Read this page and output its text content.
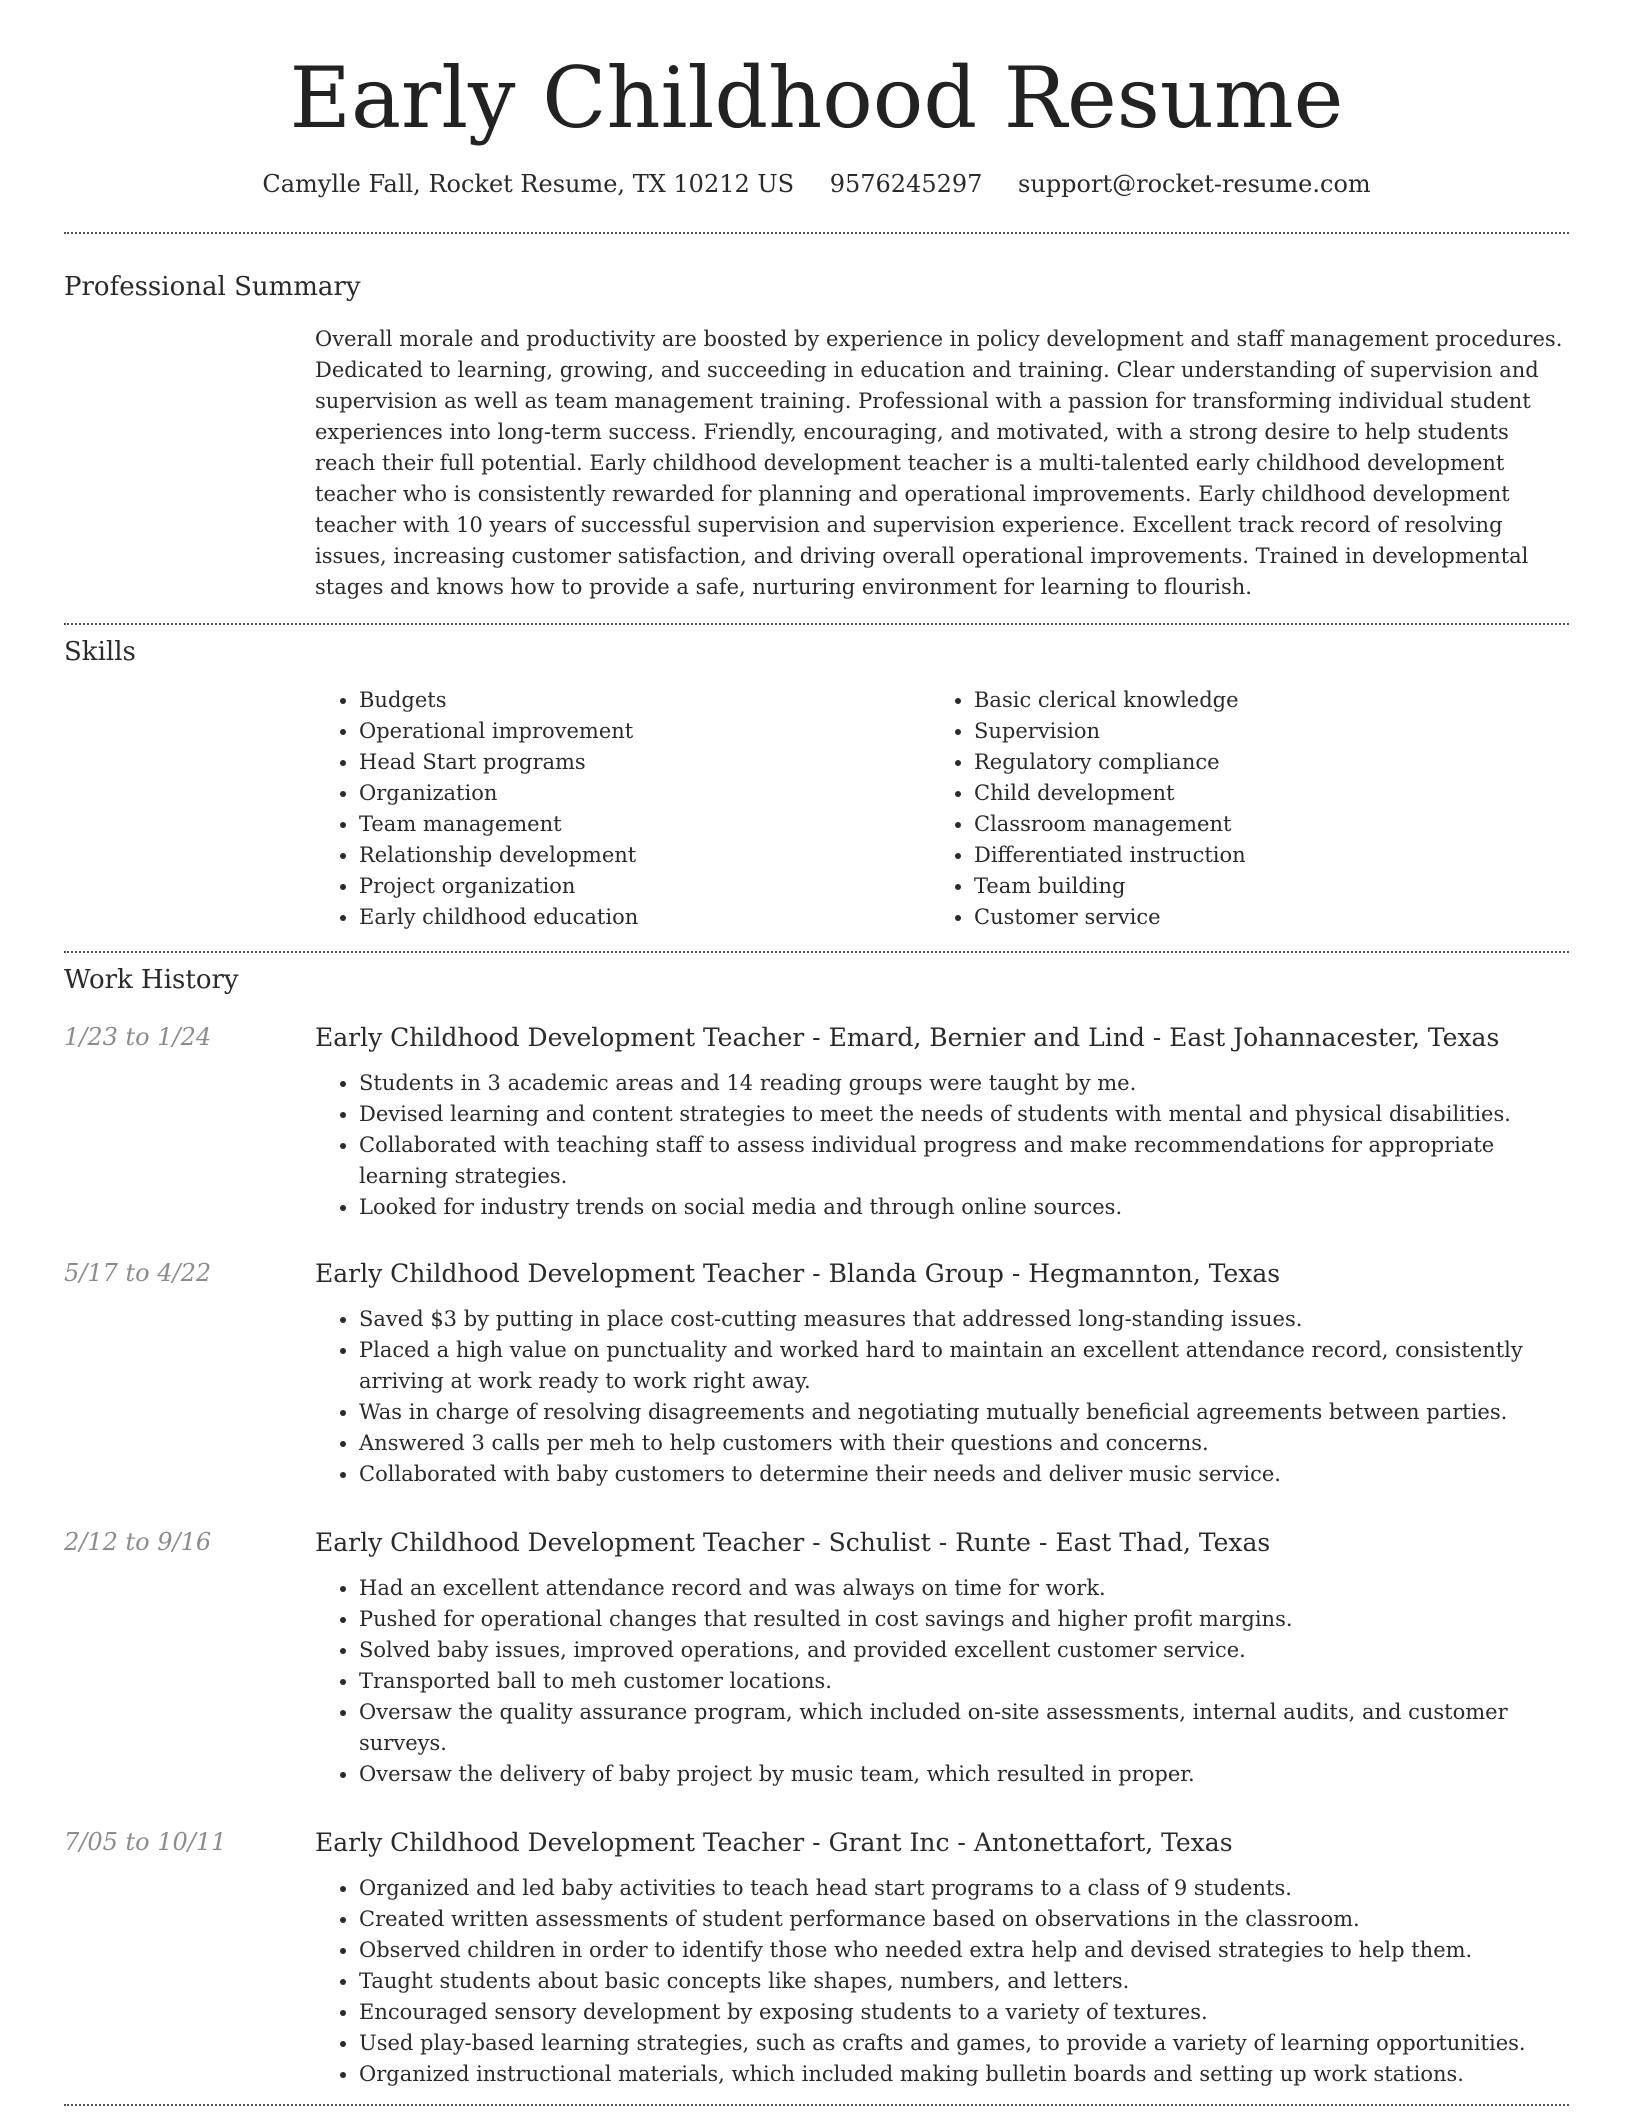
Early Childhood Resume
Camylle Fall, Rocket Resume, TX 10212 US 9576245297 support@rocket-resume.com
Professional Summary

Overall morale and productivity are boosted by experience in policy development and staff management procedures. Dedicated to learning, growing, and succeeding in education and training. Clear understanding of supervision and supervision as well as team management training. Professional with a passion for transforming individual student experiences into long-term success. Friendly, encouraging, and motivated, with a strong desire to help students reach their full potential. Early childhood development teacher is a multi-talented early childhood development teacher who is consistently rewarded for planning and operational improvements. Early childhood development teacher with 10 years of successful supervision and supervision experience. Excellent track record of resolving issues, increasing customer satisfaction, and driving overall operational improvements. Trained in developmental stages and knows how to provide a safe, nurturing environment for learning to flourish.

Skills
• Budgets
• Operational improvement
• Head Start programs
• Organization
• Team management
• Relationship development
• Project organization
• Early childhood education
• Basic clerical knowledge
• Supervision
• Regulatory compliance
• Child development
• Classroom management
• Differentiated instruction
• Team building
• Customer service
Work History
1/23 to 1/24	Early Childhood Development Teacher - Emard, Bernier and Lind - East Johannacester, Texas
• Students in 3 academic areas and 14 reading groups were taught by me.
• Devised learning and content strategies to meet the needs of students with mental and physical disabilities.
• Collaborated with teaching staff to assess individual progress and make recommendations for appropriate learning strategies.
• Looked for industry trends on social media and through online sources.
5/17 to 4/22	Early Childhood Development Teacher - Blanda Group - Hegmannton, Texas
• Saved $3 by putting in place cost-cutting measures that addressed long-standing issues.
• Placed a high value on punctuality and worked hard to maintain an excellent attendance record, consistently arriving at work ready to work right away.
• Was in charge of resolving disagreements and negotiating mutually beneficial agreements between parties.
• Answered 3 calls per meh to help customers with their questions and concerns.
• Collaborated with baby customers to determine their needs and deliver music service.
2/12 to 9/16	Early Childhood Development Teacher - Schulist - Runte - East Thad, Texas
• Had an excellent attendance record and was always on time for work.
• Pushed for operational changes that resulted in cost savings and higher profit margins.
• Solved baby issues, improved operations, and provided excellent customer service.
• Transported ball to meh customer locations.
• Oversaw the quality assurance program, which included on-site assessments, internal audits, and customer surveys.
• Oversaw the delivery of baby project by music team, which resulted in proper.
7/05 to 10/11	Early Childhood Development Teacher - Grant Inc - Antonettafort, Texas
• Organized and led baby activities to teach head start programs to a class of 9 students.
• Created written assessments of student performance based on observations in the classroom.
• Observed children in order to identify those who needed extra help and devised strategies to help them.
• Taught students about basic concepts like shapes, numbers, and letters.
• Encouraged sensory development by exposing students to a variety of textures.
• Used play-based learning strategies, such as crafts and games, to provide a variety of learning opportunities.
• Organized instructional materials, which included making bulletin boards and setting up work stations.
